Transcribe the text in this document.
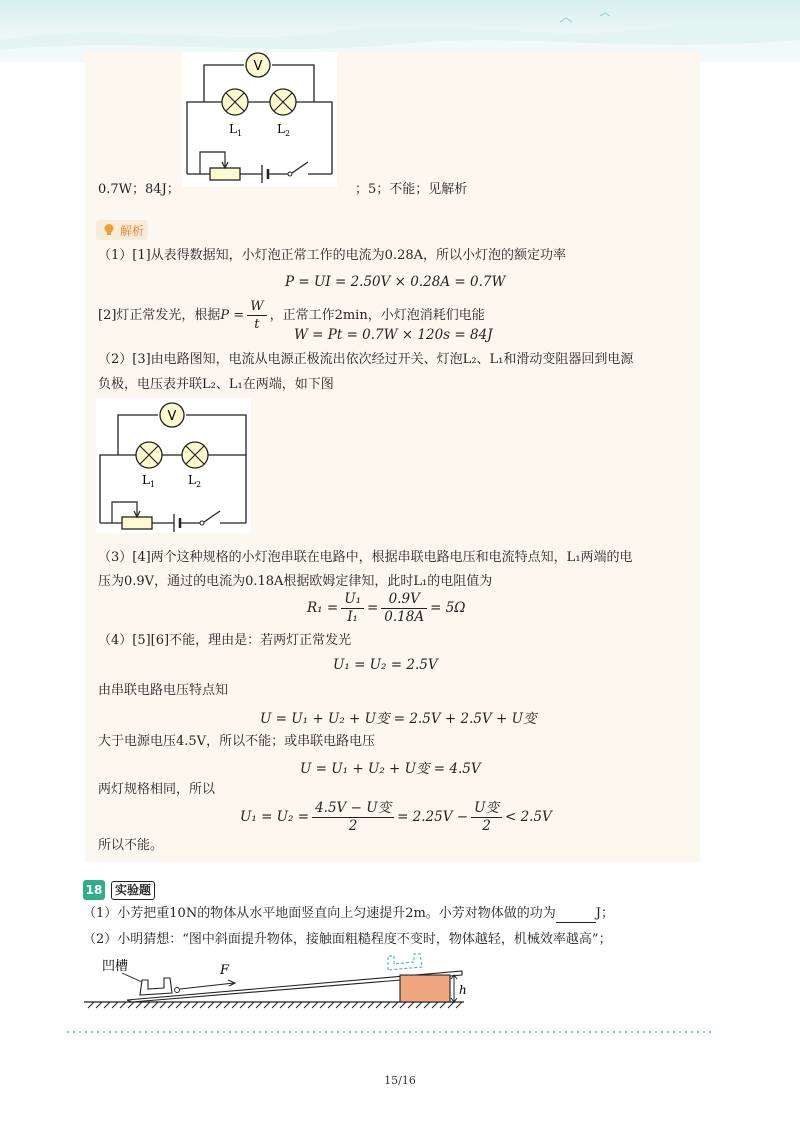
V
L 1	L 2
0.7W；84J；	；5；不能；见解析
解析
（1）[1]从表得数据知，小灯泡正常工作的电流为0.28A，所以小灯泡的额定功率
P = UI = 2.50V × 0.28A = 0.7W
[2]灯正常发光，根据$P = \frac{W}{t}$ ，正常工作2min，小灯泡消耗们电能
W = Pt = 0.7W × 120s = 84J
（2）[3]由电路图知，电流从电源正极流出依次经过开关、灯泡L₂、L₁和滑动变阻器回到电源
负极，电压表并联L₂、L₁在两端，如下图
V
L 1	L 2
（3）[4]两个这种规格的小灯泡串联在电路中，根据串联电路电压和电流特点知，L₁两端的电
压为0.9V，通过的电流为0.18A根据欧姆定律知，此时L₁的电阻值为
$R_1 = \frac{\text{U₁}}{\text{I₁}} = \frac{0.9V}{0.18A} = 5\Omega$
（4）[5][6]不能，理由是：若两灯正常发光
U₁ = U₂ = 2.5V
由串联电路电压特点知
U = U₁ + U₂ + U变 = 2.5V + 2.5V + U变
大于电源电压4.5V，所以不能；或串联电路电压
U = U₁ + U₂ + U变 = 4.5V
两灯规格相同，所以
$U_1 = U_2 = \frac{\text{4.5V − U变}}{2} = 2.25V - \frac{\text{U变}}{2} < 2.5V$
所以不能。
18	实验题
（1）小芳把重10N的物体从水平地面竖直向上匀速提升2m。小芳对物体做的功为	J；
（2）小明猜想：“图中斜面提升物体，接触面粗糙程度不变时，物体越轻，机械效率越高”；
h
F
凹槽
15/16
